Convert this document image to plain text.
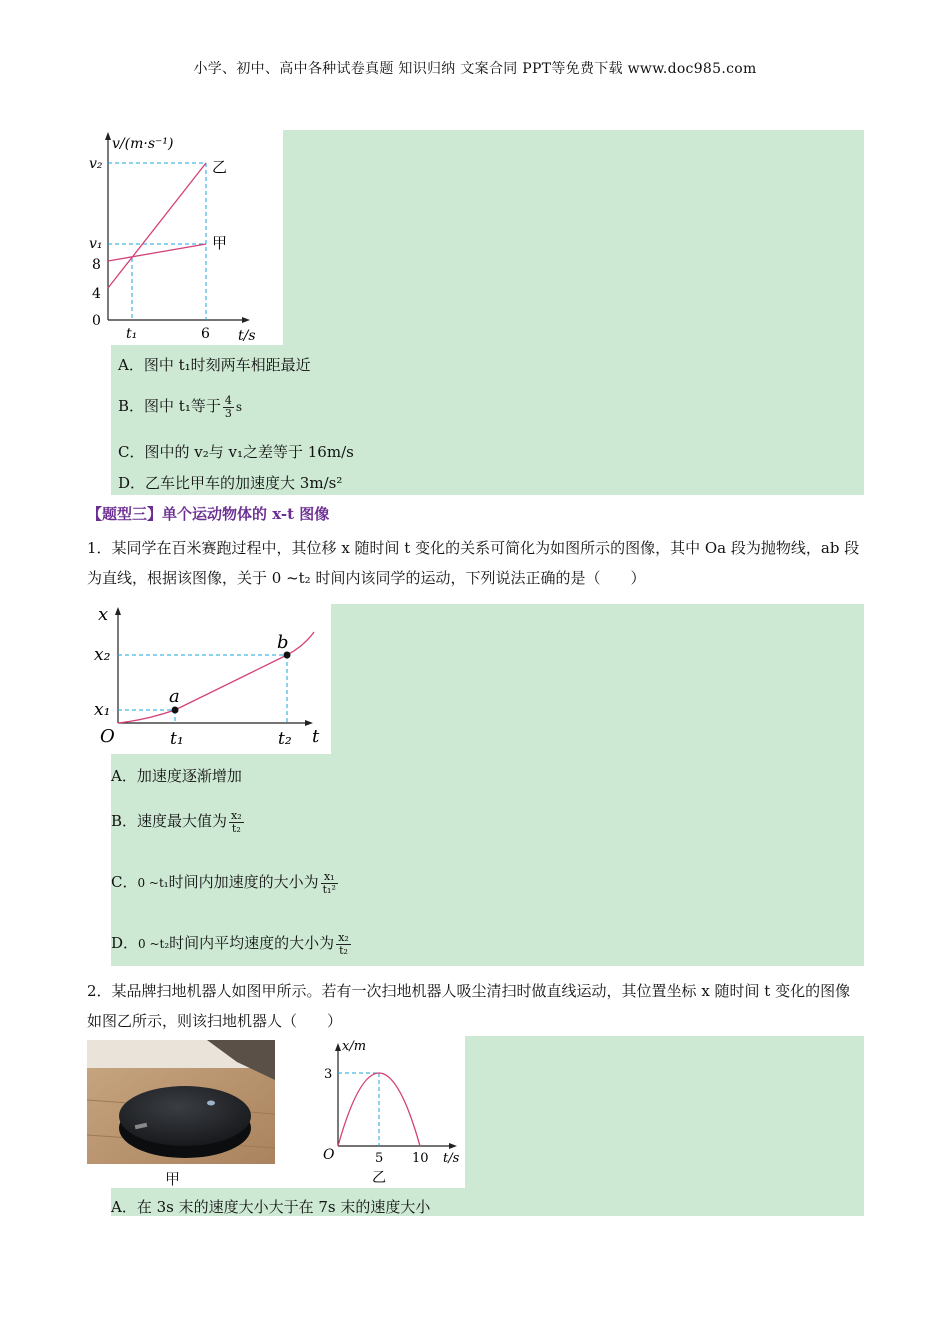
小学、初中、高中各种试卷真题 知识归纳 文案合同 PPT等免费下载 www.doc985.com
v/(m·s⁻¹)
v₂
v₁
8
4
0
t₁	6 t/s
乙
甲
A．图中 t₁时刻两车相距最近
B．图中 t₁等于 $\frac{4}{3}$ s
C．图中的 v₂与 v₁之差等于 16m/s
D．乙车比甲车的加速度大 3m/s²
【题型三】单个运动物体的 x-t 图像
1．某同学在百米赛跑过程中，其位移 x 随时间 t 变化的关系可简化为如图所示的图像，其中 Oa 段为抛物线，ab 段为直线，根据该图像，关于 0 ~t₂ 时间内该同学的运动，下列说法正确的是（　　）
x
x₂
x₁
O	t₁	t₂ t
a
b
A．加速度逐渐增加
B．速度最大值为 $\frac{\text{x₂}}{\text{t₂}}$
C．0 ~t₁时间内加速度的大小为 $\frac{\text{x₁}}{\text{t₁²}}$
D．0 ~t₂时间内平均速度的大小为 $\frac{\text{x₂}}{\text{t₂}}$
2．某品牌扫地机器人如图甲所示。若有一次扫地机器人吸尘清扫时做直线运动，其位置坐标 x 随时间 t 变化的图像如图乙所示，则该扫地机器人（　　）
甲
x/m
3
O	5 10 t/s
乙
A．在 3s 末的速度大小大于在 7s 末的速度大小
